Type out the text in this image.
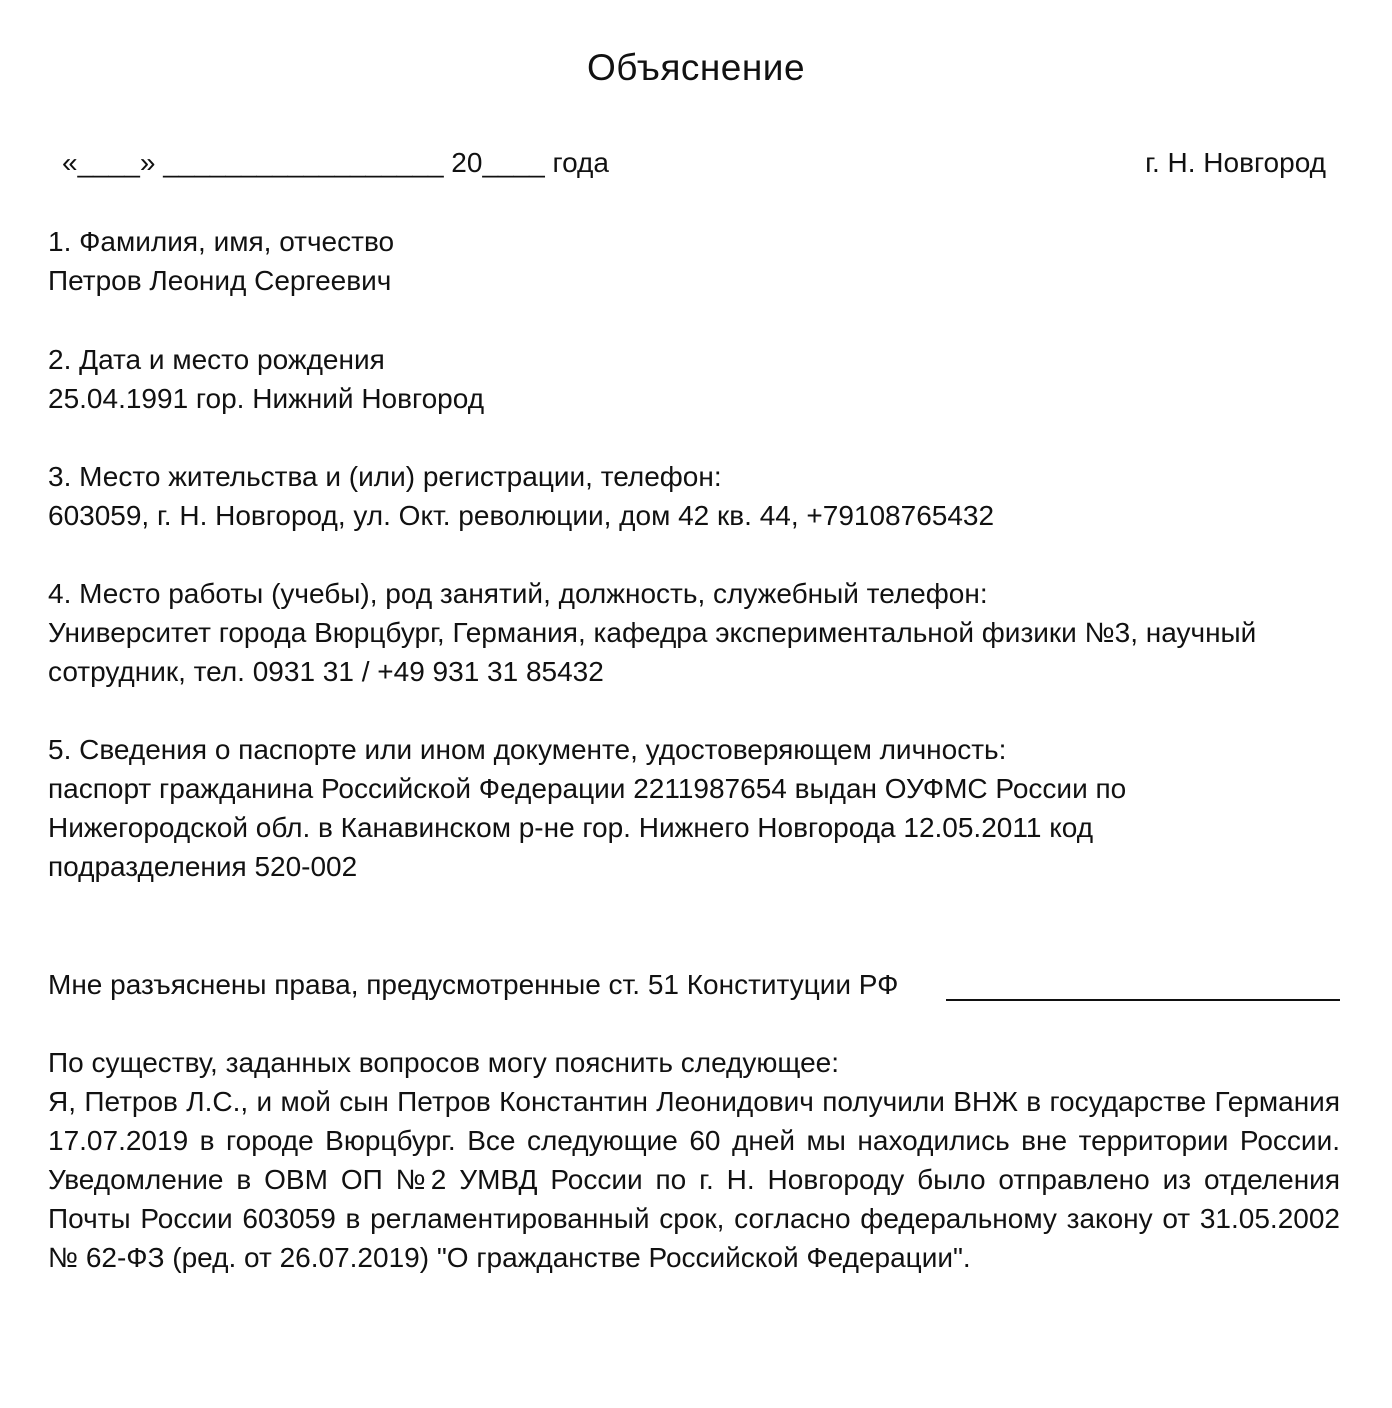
Объяснение
«____» __________________ 20____ года	г. Н. Новгород
1. Фамилия, имя, отчество
Петров Леонид Сергеевич
2. Дата и место рождения
25.04.1991 гор. Нижний Новгород
3. Место жительства и (или) регистрации, телефон:
603059, г. Н. Новгород, ул. Окт. революции, дом 42 кв. 44, +79108765432
4. Место работы (учебы), род занятий, должность, служебный телефон:
Университет города Вюрцбург, Германия, кафедра экспериментальной физики №3, научный
сотрудник, тел. 0931 31 / +49 931 31 85432
5. Сведения о паспорте или ином документе, удостоверяющем личность:
паспорт гражданина Российской Федерации 2211987654 выдан ОУФМС России по
Нижегородской обл. в Канавинском р-не гор. Нижнего Новгорода 12.05.2011 код
подразделения 520-002
Мне разъяснены права, предусмотренные ст. 51 Конституции РФ
По существу, заданных вопросов могу пояснить следующее:
Я, Петров Л.С., и мой сын Петров Константин Леонидович получили ВНЖ в государстве Германия 17.07.2019 в городе Вюрцбург. Все следующие 60 дней мы находились вне территории России. Уведомление в ОВМ ОП №2 УМВД России по г. Н. Новгороду было отправлено из отделения Почты России 603059 в регламентированный срок, согласно федеральному закону от 31.05.2002 № 62-ФЗ (ред. от 26.07.2019) "О гражданстве Российской Федерации".
